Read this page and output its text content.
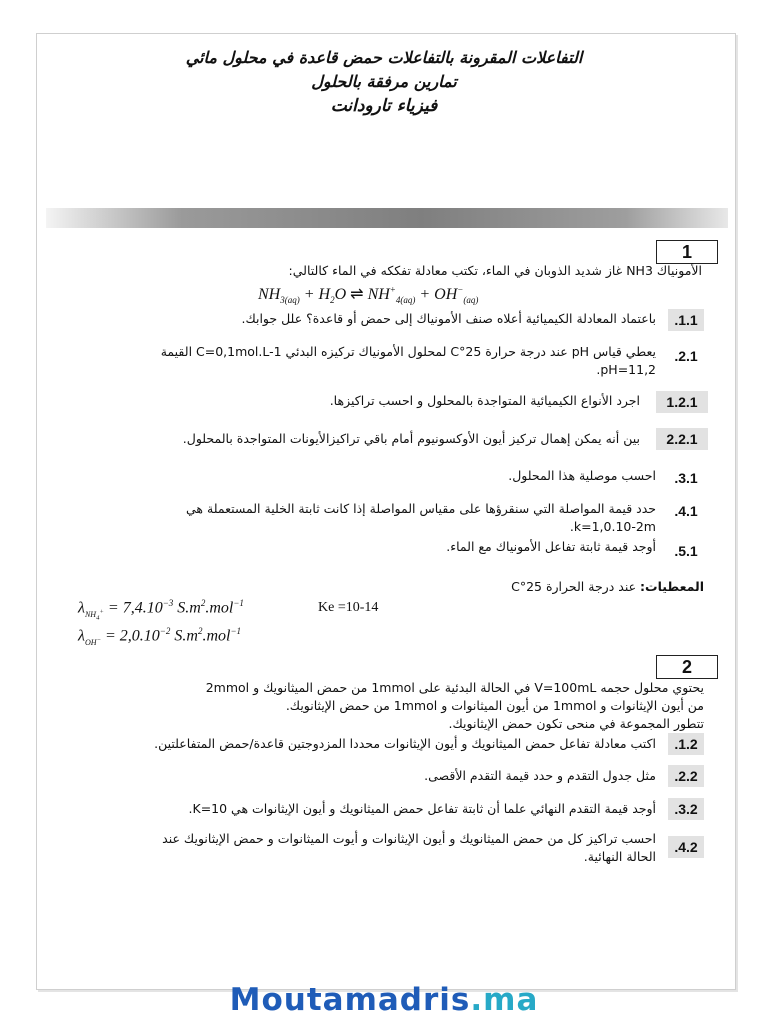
التفاعلات المقرونة بالتفاعلات حمض قاعدة في محلول مائي
تمارين مرفقة بالحلول
فيزياء تارودانت
1
الأمونياك NH3 غاز شديد الذوبان في الماء، تكتب معادلة تفككه في الماء كالتالي:
$NH_{3(aq)} + H_2O$ ⇌ $NH^+_{4(aq)} + OH^-_{(aq)}$
.1.1
باعتماد المعادلة الكيميائية أعلاه صنف الأمونياك إلى حمض أو قاعدة؟ علل جوابك.
.2.1
يعطي قياس pH عند درجة حرارة 25°C لمحلول الأمونياك تركيزه البدئي C=0,1mol.L-1 القيمة
pH=11,2.
1.2.1
اجرد الأنواع الكيميائية المتواجدة بالمحلول و احسب تراكيزها.
2.2.1
بين أنه يمكن إهمال تركيز أيون الأوكسونيوم أمام باقي تراكيزالأيونات المتواجدة بالمحلول.
.3.1
احسب موصلية هذا المحلول.
.4.1
حدد قيمة المواصلة التي سنقرؤها على مقياس المواصلة إذا كانت ثابتة الخلية المستعملة هي
k=1,0.10-2m.
.5.1
أوجد قيمة ثابتة تفاعل الأمونياك مع الماء.
المعطيات: عند درجة الحرارة 25°C
$\lambda_{NH_4^+} = 7,4.10^{-3}$ $S.m^2.mol^{-1}$	Ke =10-14
$\lambda_{OH^-} = 2,0.10^{-2}$ $S.m^2.mol^{-1}$
2
يحتوي محلول حجمه V=100mL في الحالة البدئية على 1mmol من حمض الميثانويك و 2mmol
من أيون الإيثانوات و 1mmol من أيون الميثانوات و 1mmol من حمض الإيثانويك.
تتطور المجموعة في منحى تكون حمض الإيثانويك.
.1.2
اكتب معادلة تفاعل حمض الميثانويك و أيون الإيثانوات محددا المزدوجتين قاعدة/حمض المتفاعلتين.
.2.2
مثل جدول التقدم و حدد قيمة التقدم الأقصى.
.3.2
أوجد قيمة التقدم النهائي علما أن ثابتة تفاعل حمض الميثانويك و أيون الإيثانوات هي K=10.
.4.2
احسب تراكيز كل من حمض الميثانويك و أيون الإيثانوات و أيوت الميثانوات و حمض الإيثانويك عند
الحالة النهائية.
Moutamadris.ma
